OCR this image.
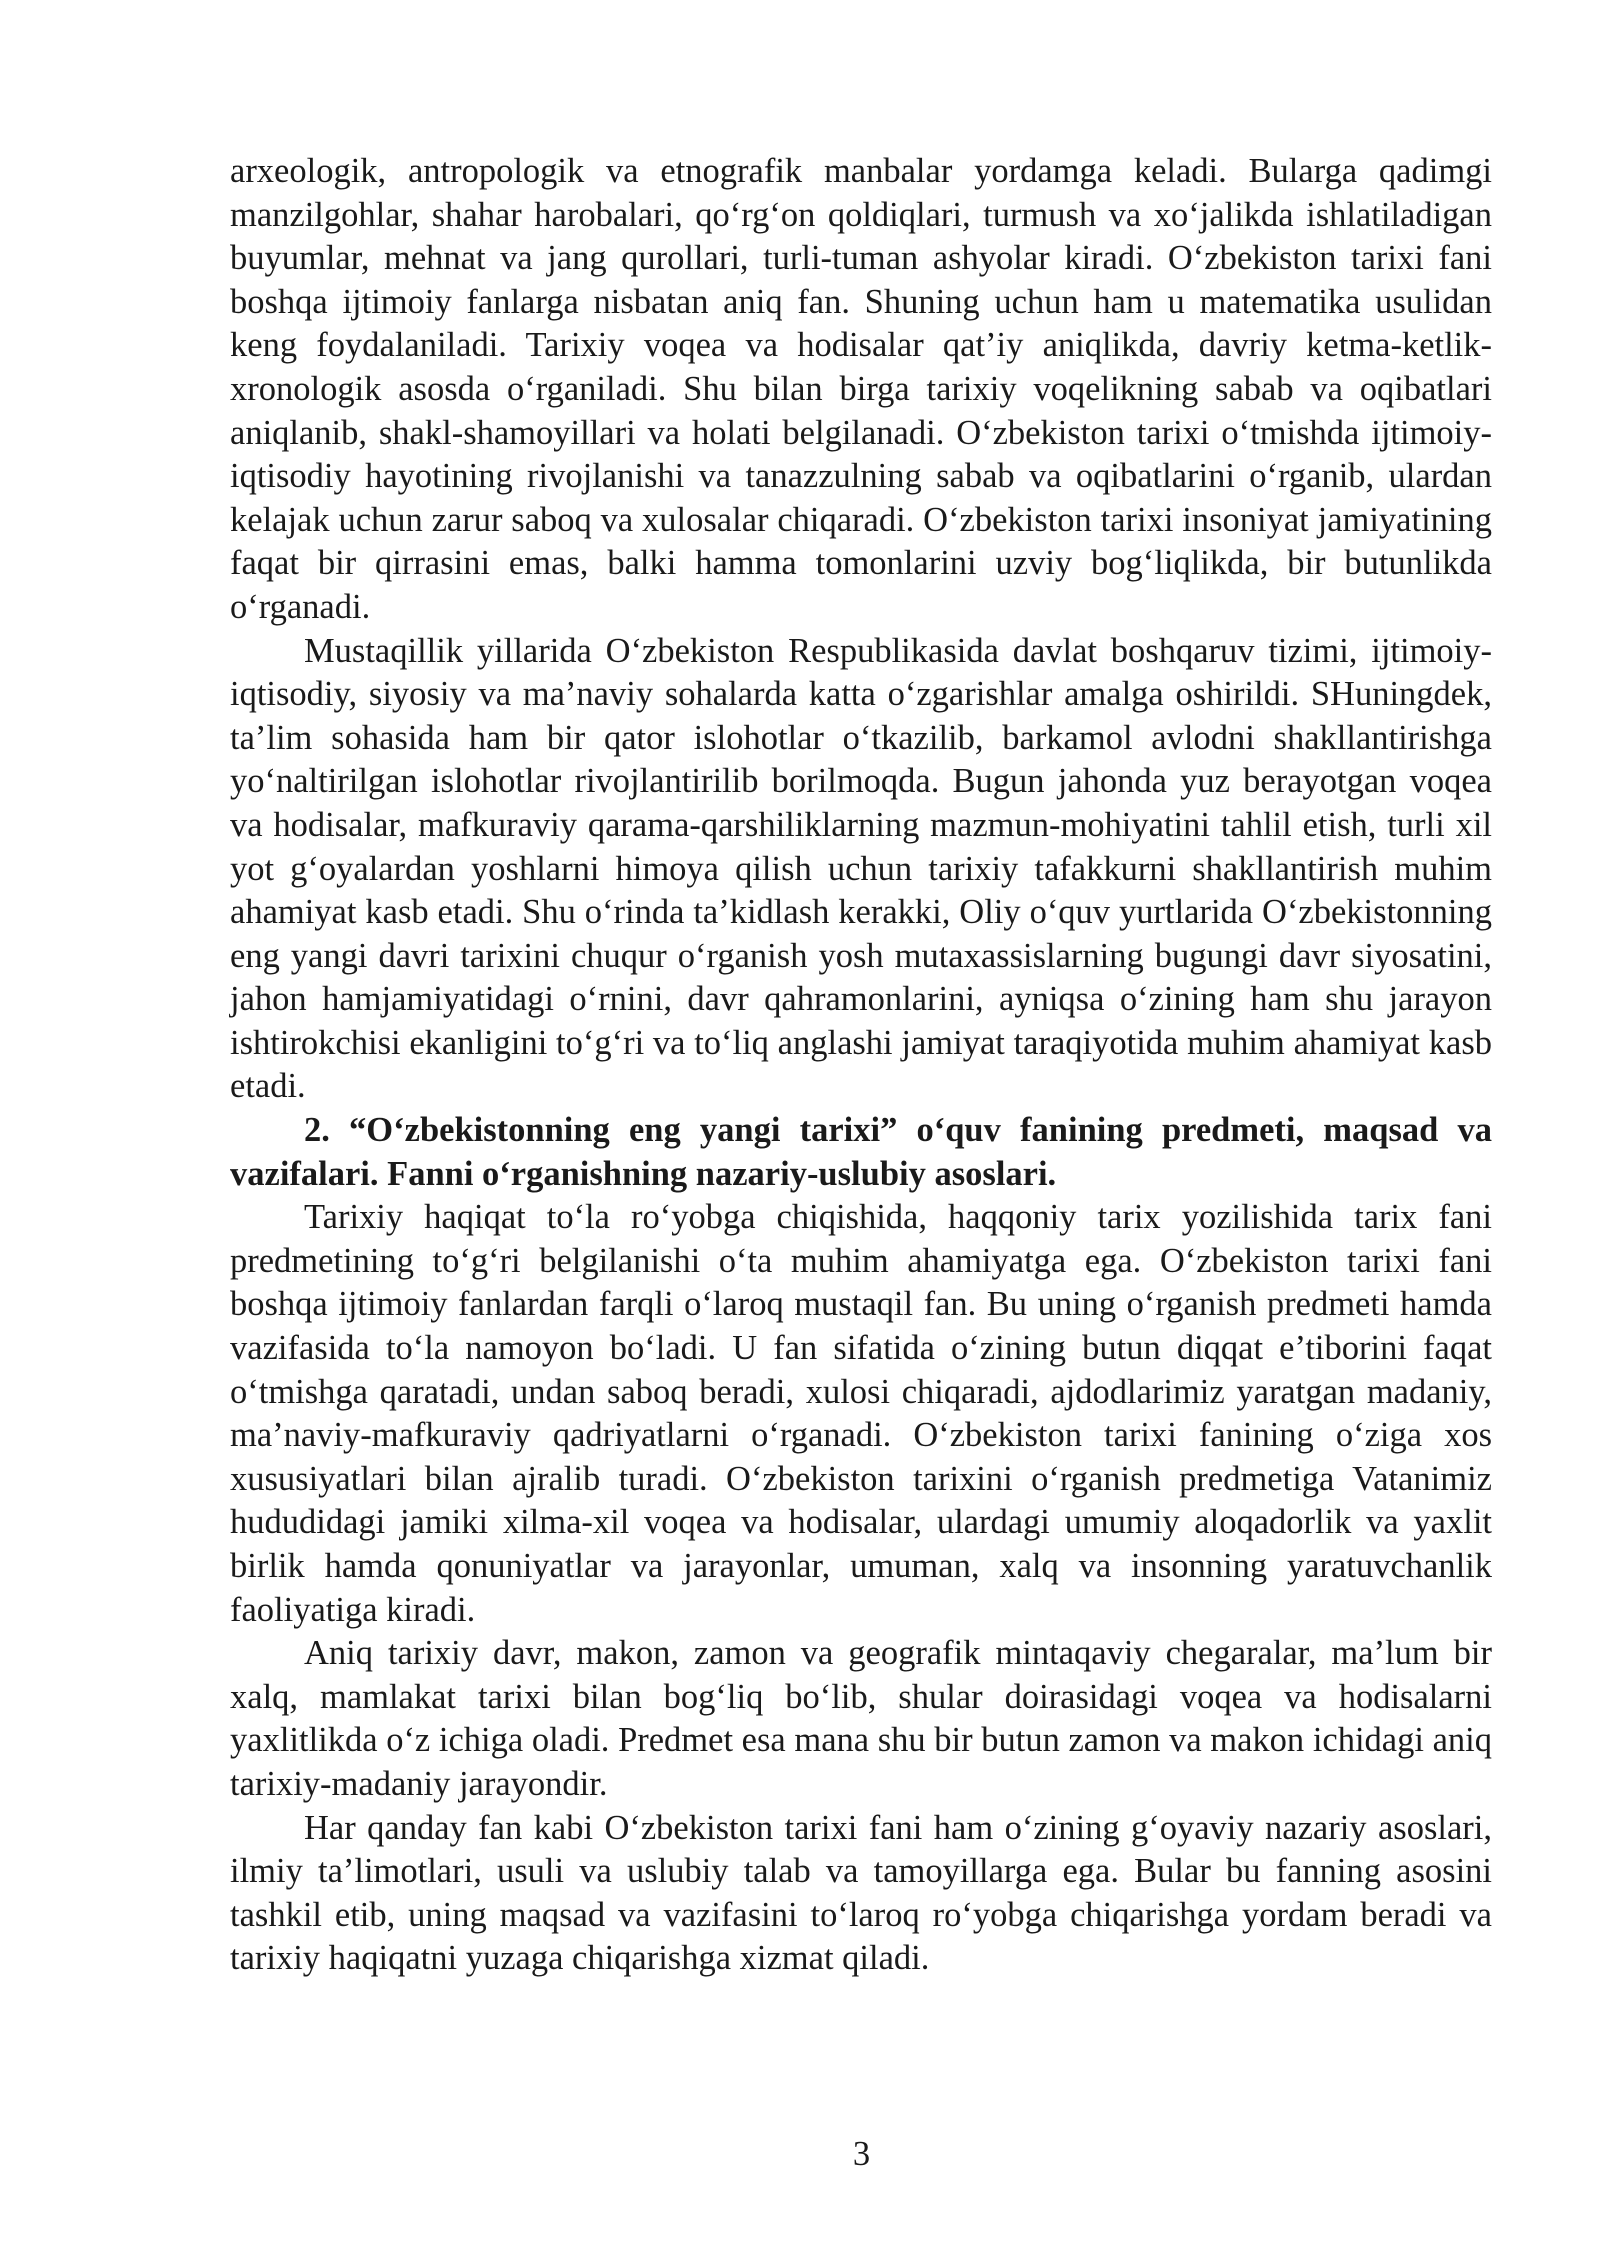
arxeologik, antropologik va etnografik manbalar yordamga keladi. Bularga qadimgi manzilgohlar, shahar harobalari, qo‘rg‘on qoldiqlari, turmush va xo‘jalikda ishlatiladigan buyumlar, mehnat va jang qurollari, turli-tuman ashyolar kiradi. O‘zbekiston tarixi fani boshqa ijtimoiy fanlarga nisbatan aniq fan. Shuning uchun ham u matematika usulidan keng foydalaniladi. Tarixiy voqea va hodisalar qat’iy aniqlikda, davriy ketma-ketlik-xronologik asosda o‘rganiladi. Shu bilan birga tarixiy voqelikning sabab va oqibatlari aniqlanib, shakl-shamoyillari va holati belgilanadi. O‘zbekiston tarixi o‘tmishda ijtimoiy-iqtisodiy hayotining rivojlanishi va tanazzulning sabab va oqibatlarini o‘rganib, ulardan kelajak uchun zarur saboq va xulosalar chiqaradi. O‘zbekiston tarixi insoniyat jamiyatining faqat bir qirrasini emas, balki hamma tomonlarini uzviy bog‘liqlikda, bir butunlikda o‘rganadi.

Mustaqillik yillarida O‘zbekiston Respublikasida davlat boshqaruv tizimi, ijtimoiy-iqtisodiy, siyosiy va ma’naviy sohalarda katta o‘zgarishlar amalga oshirildi. SHuningdek, ta’lim sohasida ham bir qator islohotlar o‘tkazilib, barkamol avlodni shakllantirishga yo‘naltirilgan islohotlar rivojlantirilib borilmoqda. Bugun jahonda yuz berayotgan voqea va hodisalar, mafkuraviy qarama-qarshiliklarning mazmun-mohiyatini tahlil etish, turli xil yot g‘oyalardan yoshlarni himoya qilish uchun tarixiy tafakkurni shakllantirish muhim ahamiyat kasb etadi. Shu o‘rinda ta’kidlash kerakki, Oliy o‘quv yurtlarida O‘zbekistonning eng yangi davri tarixini chuqur o‘rganish yosh mutaxassislarning bugungi davr siyosatini, jahon hamjamiyatidagi o‘rnini, davr qahramonlarini, ayniqsa o‘zining ham shu jarayon ishtirokchisi ekanligini to‘g‘ri va to‘liq anglashi jamiyat taraqiyotida muhim ahamiyat kasb etadi.

2. “O‘zbekistonning eng yangi tarixi” o‘quv fanining predmeti, maqsad va vazifalari. Fanni o‘rganishning nazariy-uslubiy asoslari.

Tarixiy haqiqat to‘la ro‘yobga chiqishida, haqqoniy tarix yozilishida tarix fani predmetining to‘g‘ri belgilanishi o‘ta muhim ahamiyatga ega. O‘zbekiston tarixi fani boshqa ijtimoiy fanlardan farqli o‘laroq mustaqil fan. Bu uning o‘rganish predmeti hamda vazifasida to‘la namoyon bo‘ladi. U fan sifatida o‘zining butun diqqat e’tiborini faqat o‘tmishga qaratadi, undan saboq beradi, xulosi chiqaradi, ajdodlarimiz yaratgan madaniy, ma’naviy-mafkuraviy qadriyatlarni o‘rganadi. O‘zbekiston tarixi fanining o‘ziga xos xususiyatlari bilan ajralib turadi. O‘zbekiston tarixini o‘rganish predmetiga Vatanimiz hududidagi jamiki xilma-xil voqea va hodisalar, ulardagi umumiy aloqadorlik va yaxlit birlik hamda qonuniyatlar va jarayonlar, umuman, xalq va insonning yaratuvchanlik faoliyatiga kiradi.

Aniq tarixiy davr, makon, zamon va geografik mintaqaviy chegaralar, ma’lum bir xalq, mamlakat tarixi bilan bog‘liq bo‘lib, shular doirasidagi voqea va hodisalarni yaxlitlikda o‘z ichiga oladi. Predmet esa mana shu bir butun zamon va makon ichidagi aniq tarixiy-madaniy jarayondir.

Har qanday fan kabi O‘zbekiston tarixi fani ham o‘zining g‘oyaviy nazariy asoslari, ilmiy ta’limotlari, usuli va uslubiy talab va tamoyillarga ega. Bular bu fanning asosini tashkil etib, uning maqsad va vazifasini to‘laroq ro‘yobga chiqarishga yordam beradi va tarixiy haqiqatni yuzaga chiqarishga xizmat qiladi.

3
